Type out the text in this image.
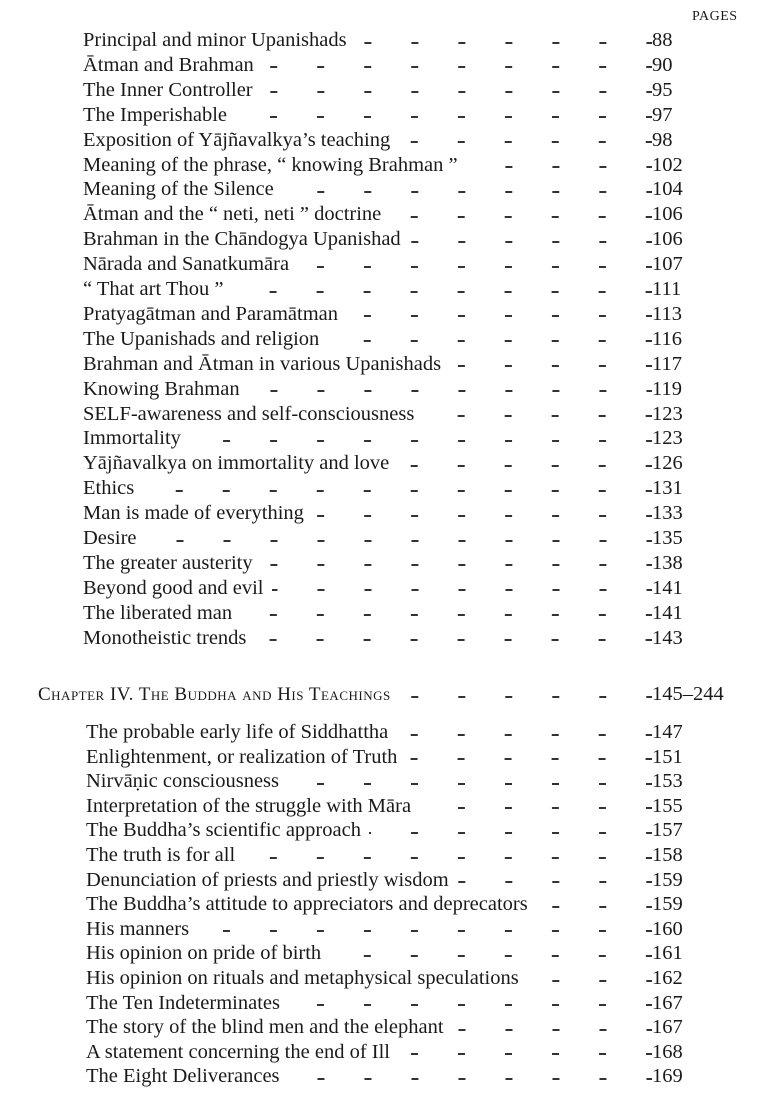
PAGES
Principal and minor Upanishads	88
Ātman and Brahman	90
The Inner Controller	95
The Imperishable	97
Exposition of Yājñavalkya’s teaching	98
Meaning of the phrase, “ knowing Brahman ”	102
Meaning of the Silence	104
Ātman and the “ neti, neti ” doctrine	106
Brahman in the Chāndogya Upanishad	106
Nārada and Sanatkumāra	107
“ That art Thou ”	111
Pratyagātman and Paramātman	113
The Upanishads and religion	116
Brahman and Ātman in various Upanishads	117
Knowing Brahman	119
SELF-awareness and self-consciousness	123
Immortality	123
Yājñavalkya on immortality and love	126
Ethics	131
Man is made of everything	133
Desire	135
The greater austerity	138
Beyond good and evil	141
The liberated man	141
Monotheistic trends	143
Chapter IV. The Buddha and His Teachings	145–244
The probable early life of Siddhattha	147
Enlightenment, or realization of Truth	151
Nirvāṇic consciousness	153
Interpretation of the struggle with Māra	155
The Buddha’s scientific approach	157
The truth is for all	158
Denunciation of priests and priestly wisdom	159
The Buddha’s attitude to appreciators and deprecators	159
His manners	160
His opinion on pride of birth	161
His opinion on rituals and metaphysical speculations	162
The Ten Indeterminates	167
The story of the blind men and the elephant	167
A statement concerning the end of Ill	168
The Eight Deliverances	169
